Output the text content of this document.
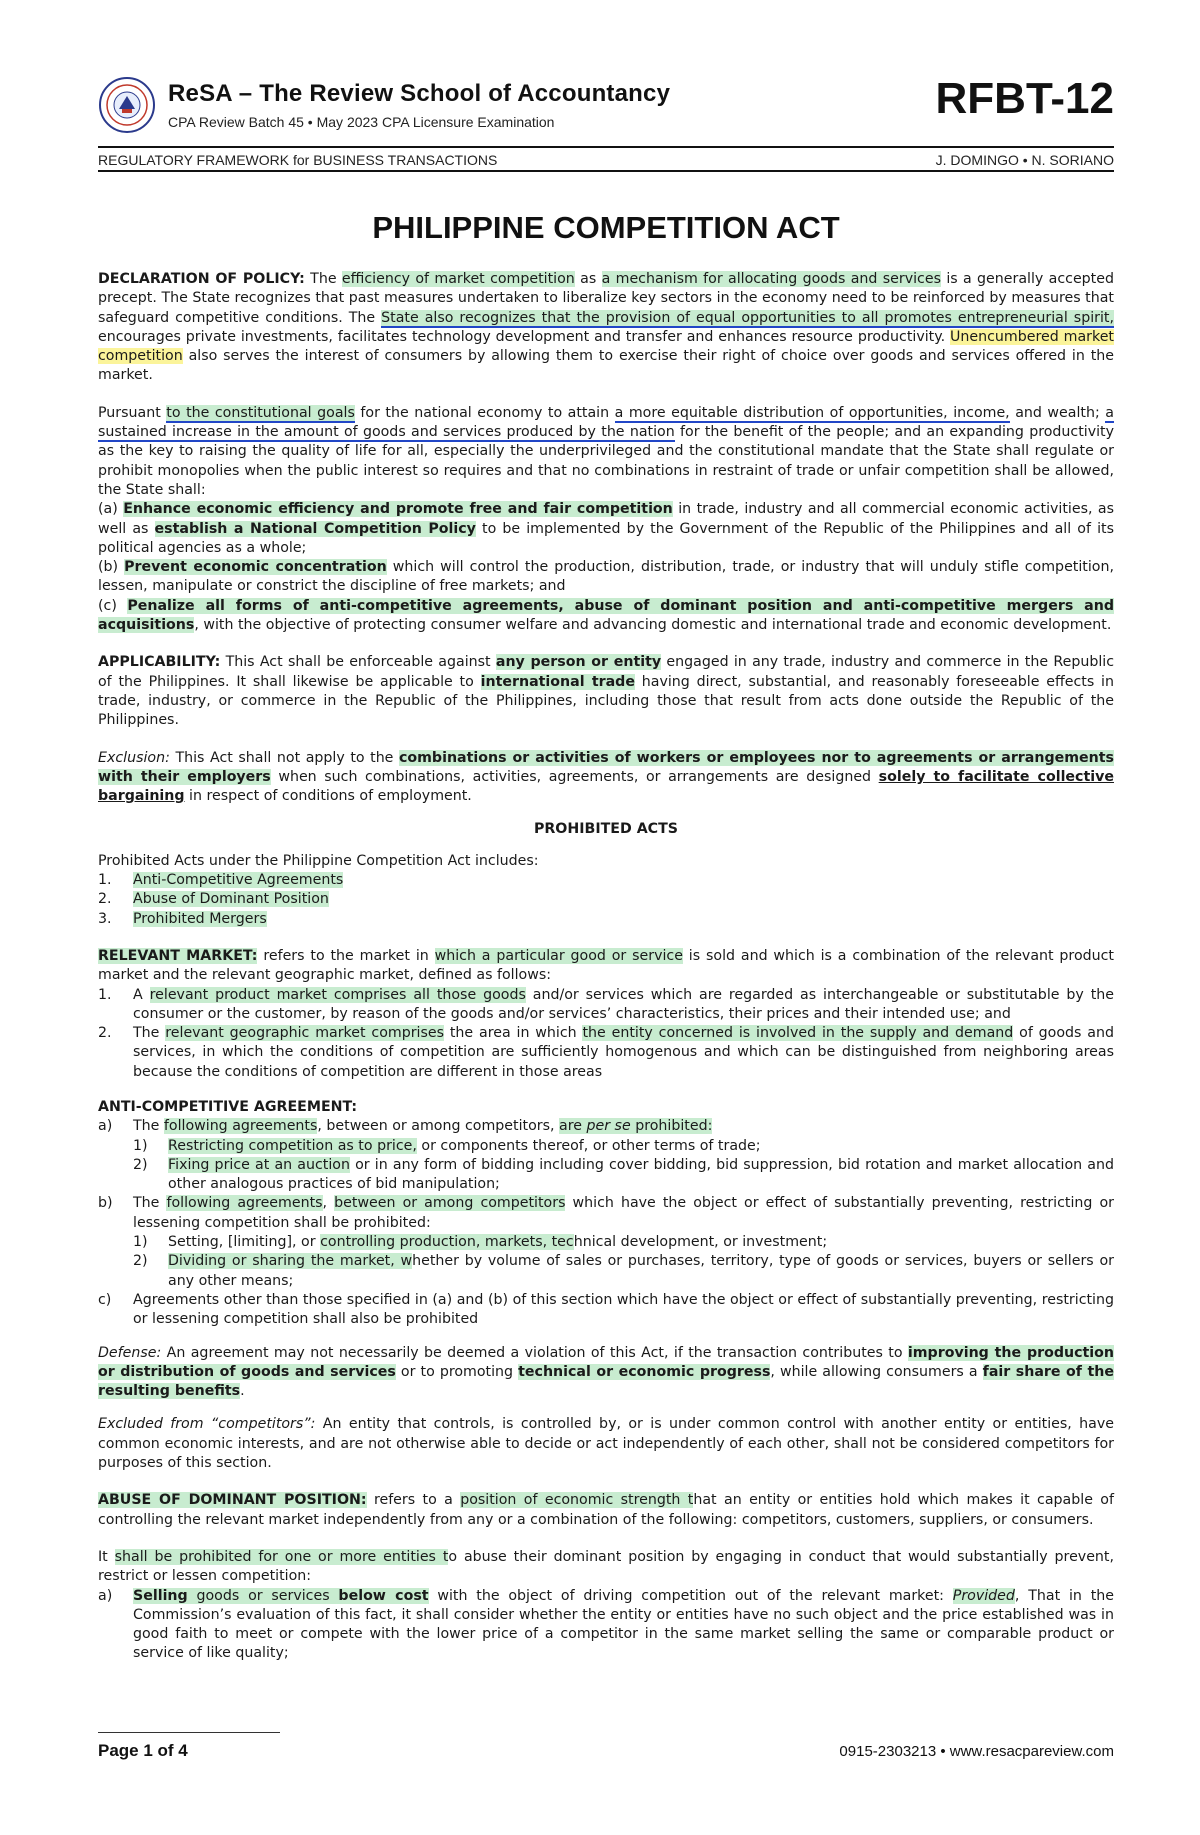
ReSA – The Review School of Accountancy
CPA Review Batch 45 • May 2023 CPA Licensure Examination	RFBT-12
REGULATORY FRAMEWORK for BUSINESS TRANSACTIONS	J. DOMINGO • N. SORIANO
PHILIPPINE COMPETITION ACT

DECLARATION OF POLICY: The efficiency of market competition as a mechanism for allocating goods and services is a generally accepted precept. The State recognizes that past measures undertaken to liberalize key sectors in the economy need to be reinforced by measures that safeguard competitive conditions. The State also recognizes that the provision of equal opportunities to all promotes entrepreneurial spirit, encourages private investments, facilitates technology development and transfer and enhances resource productivity. Unencumbered market competition also serves the interest of consumers by allowing them to exercise their right of choice over goods and services offered in the market.

Pursuant to the constitutional goals for the national economy to attain a more equitable distribution of opportunities, income, and wealth; a sustained increase in the amount of goods and services produced by the nation for the benefit of the people; and an expanding productivity as the key to raising the quality of life for all, especially the underprivileged and the constitutional mandate that the State shall regulate or prohibit monopolies when the public interest so requires and that no combinations in restraint of trade or unfair competition shall be allowed, the State shall:

(a) Enhance economic efficiency and promote free and fair competition in trade, industry and all commercial economic activities, as well as establish a National Competition Policy to be implemented by the Government of the Republic of the Philippines and all of its political agencies as a whole;

(b) Prevent economic concentration which will control the production, distribution, trade, or industry that will unduly stifle competition, lessen, manipulate or constrict the discipline of free markets; and

(c) Penalize all forms of anti-competitive agreements, abuse of dominant position and anti-competitive mergers and acquisitions, with the objective of protecting consumer welfare and advancing domestic and international trade and economic development.

APPLICABILITY: This Act shall be enforceable against any person or entity engaged in any trade, industry and commerce in the Republic of the Philippines. It shall likewise be applicable to international trade having direct, substantial, and reasonably foreseeable effects in trade, industry, or commerce in the Republic of the Philippines, including those that result from acts done outside the Republic of the Philippines.

Exclusion: This Act shall not apply to the combinations or activities of workers or employees nor to agreements or arrangements with their employers when such combinations, activities, agreements, or arrangements are designed solely to facilitate collective bargaining in respect of conditions of employment.

PROHIBITED ACTS

Prohibited Acts under the Philippine Competition Act includes:

1. Anti-Competitive Agreements
2. Abuse of Dominant Position
3. Prohibited Mergers

RELEVANT MARKET: refers to the market in which a particular good or service is sold and which is a combination of the relevant product market and the relevant geographic market, defined as follows:

1. A relevant product market comprises all those goods and/or services which are regarded as interchangeable or substitutable by the consumer or the customer, by reason of the goods and/or services’ characteristics, their prices and their intended use; and
2. The relevant geographic market comprises the area in which the entity concerned is involved in the supply and demand of goods and services, in which the conditions of competition are sufficiently homogenous and which can be distinguished from neighboring areas because the conditions of competition are different in those areas

ANTI-COMPETITIVE AGREEMENT:

a) The following agreements, between or among competitors, are per se prohibited:
1) Restricting competition as to price, or components thereof, or other terms of trade;
2) Fixing price at an auction or in any form of bidding including cover bidding, bid suppression, bid rotation and market allocation and other analogous practices of bid manipulation;
b) The following agreements, between or among competitors which have the object or effect of substantially preventing, restricting or lessening competition shall be prohibited:
1) Setting, [limiting], or controlling production, markets, technical development, or investment;
2) Dividing or sharing the market, whether by volume of sales or purchases, territory, type of goods or services, buyers or sellers or any other means;
c) Agreements other than those specified in (a) and (b) of this section which have the object or effect of substantially preventing, restricting or lessening competition shall also be prohibited

Defense: An agreement may not necessarily be deemed a violation of this Act, if the transaction contributes to improving the production or distribution of goods and services or to promoting technical or economic progress, while allowing consumers a fair share of the resulting benefits.

Excluded from “competitors”: An entity that controls, is controlled by, or is under common control with another entity or entities, have common economic interests, and are not otherwise able to decide or act independently of each other, shall not be considered competitors for purposes of this section.

ABUSE OF DOMINANT POSITION: refers to a position of economic strength that an entity or entities hold which makes it capable of controlling the relevant market independently from any or a combination of the following: competitors, customers, suppliers, or consumers.

It shall be prohibited for one or more entities to abuse their dominant position by engaging in conduct that would substantially prevent, restrict or lessen competition:

a) Selling goods or services below cost with the object of driving competition out of the relevant market: Provided, That in the Commission’s evaluation of this fact, it shall consider whether the entity or entities have no such object and the price established was in good faith to meet or compete with the lower price of a competitor in the same market selling the same or comparable product or service of like quality;
Page 1 of 4	0915-2303213 • www.resacpareview.com
